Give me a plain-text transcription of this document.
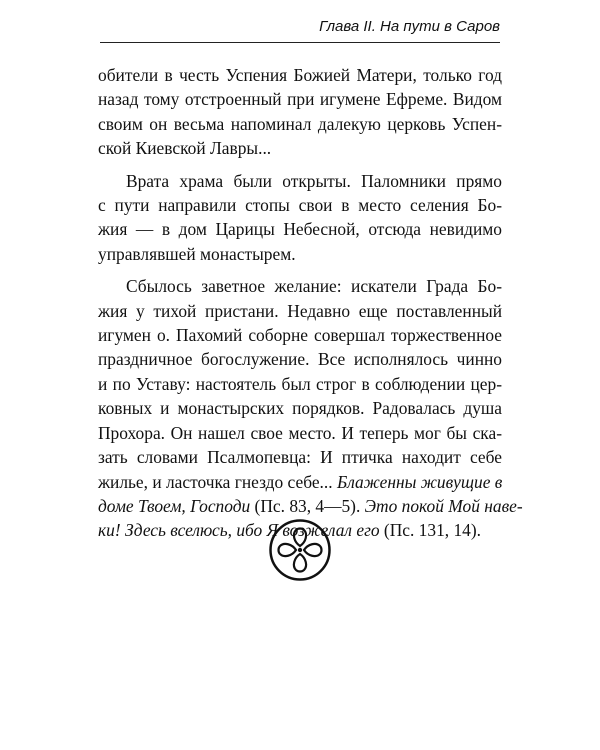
Глава II. На пути в Саров
обители в честь Успения Божией Матери, только год
назад тому отстроенный при игумене Ефреме. Видом
своим он весьма напоминал далекую церковь Успен-
ской Киевской Лавры...
Врата храма были открыты. Паломники прямо
с пути направили стопы свои в место селения Бо-
жия — в дом Царицы Небесной, отсюда невидимо
управлявшей монастырем.
Сбылось заветное желание: искатели Града Бо-
жия у тихой пристани. Недавно еще поставленный
игумен о. Пахомий соборне совершал торжественное
праздничное богослужение. Все исполнялось чинно
и по Уставу: настоятель был строг в соблюдении цер-
ковных и монастырских порядков. Радовалась душа
Прохора. Он нашел свое место. И теперь мог бы ска-
зать словами Псалмопевца: И птичка находит себе
жилье, и ласточка гнездо себе... Блаженны живущие в
доме Твоем, Господи (Пс. 83, 4—5). Это покой Мой наве-
ки! Здесь вселюсь, ибо Я возжелал его (Пс. 131, 14).
